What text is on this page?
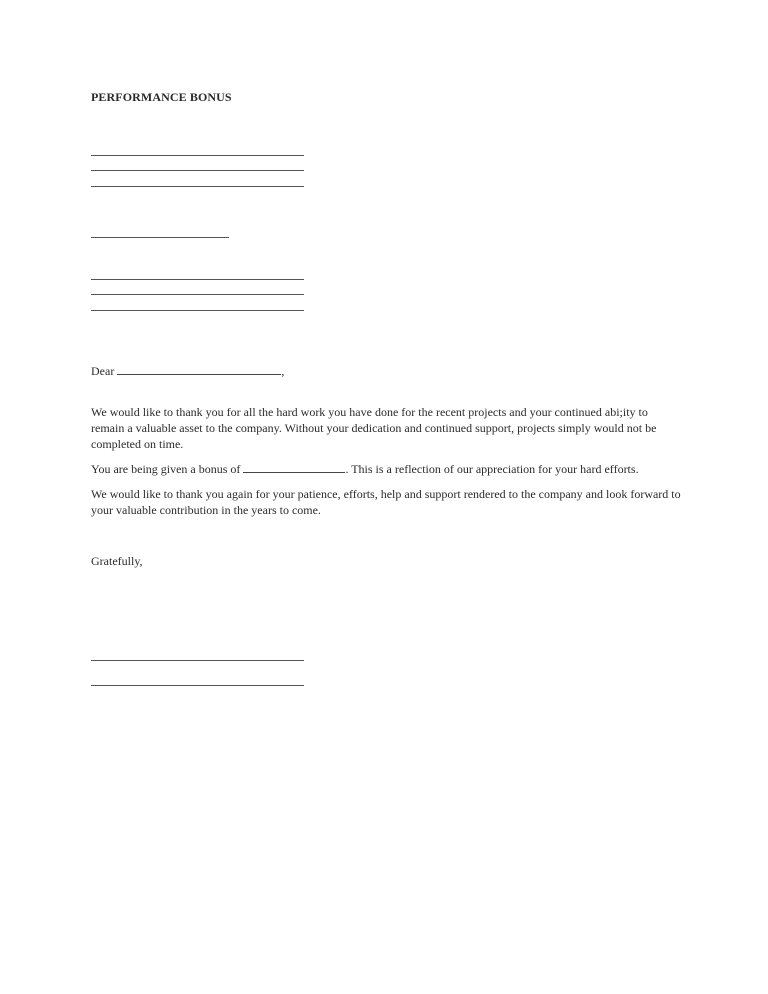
PERFORMANCE BONUS
Dear	,
We would like to thank you for all the hard work you have done for the recent projects and your continued abi;ity to remain a valuable asset to the company. Without your dedication and continued support, projects simply would not be completed on time.
You are being given a bonus of	. This is a reflection of our appreciation for your hard efforts.
We would like to thank you again for your patience, efforts, help and support rendered to the company and look forward to your valuable contribution in the years to come.
Gratefully,
